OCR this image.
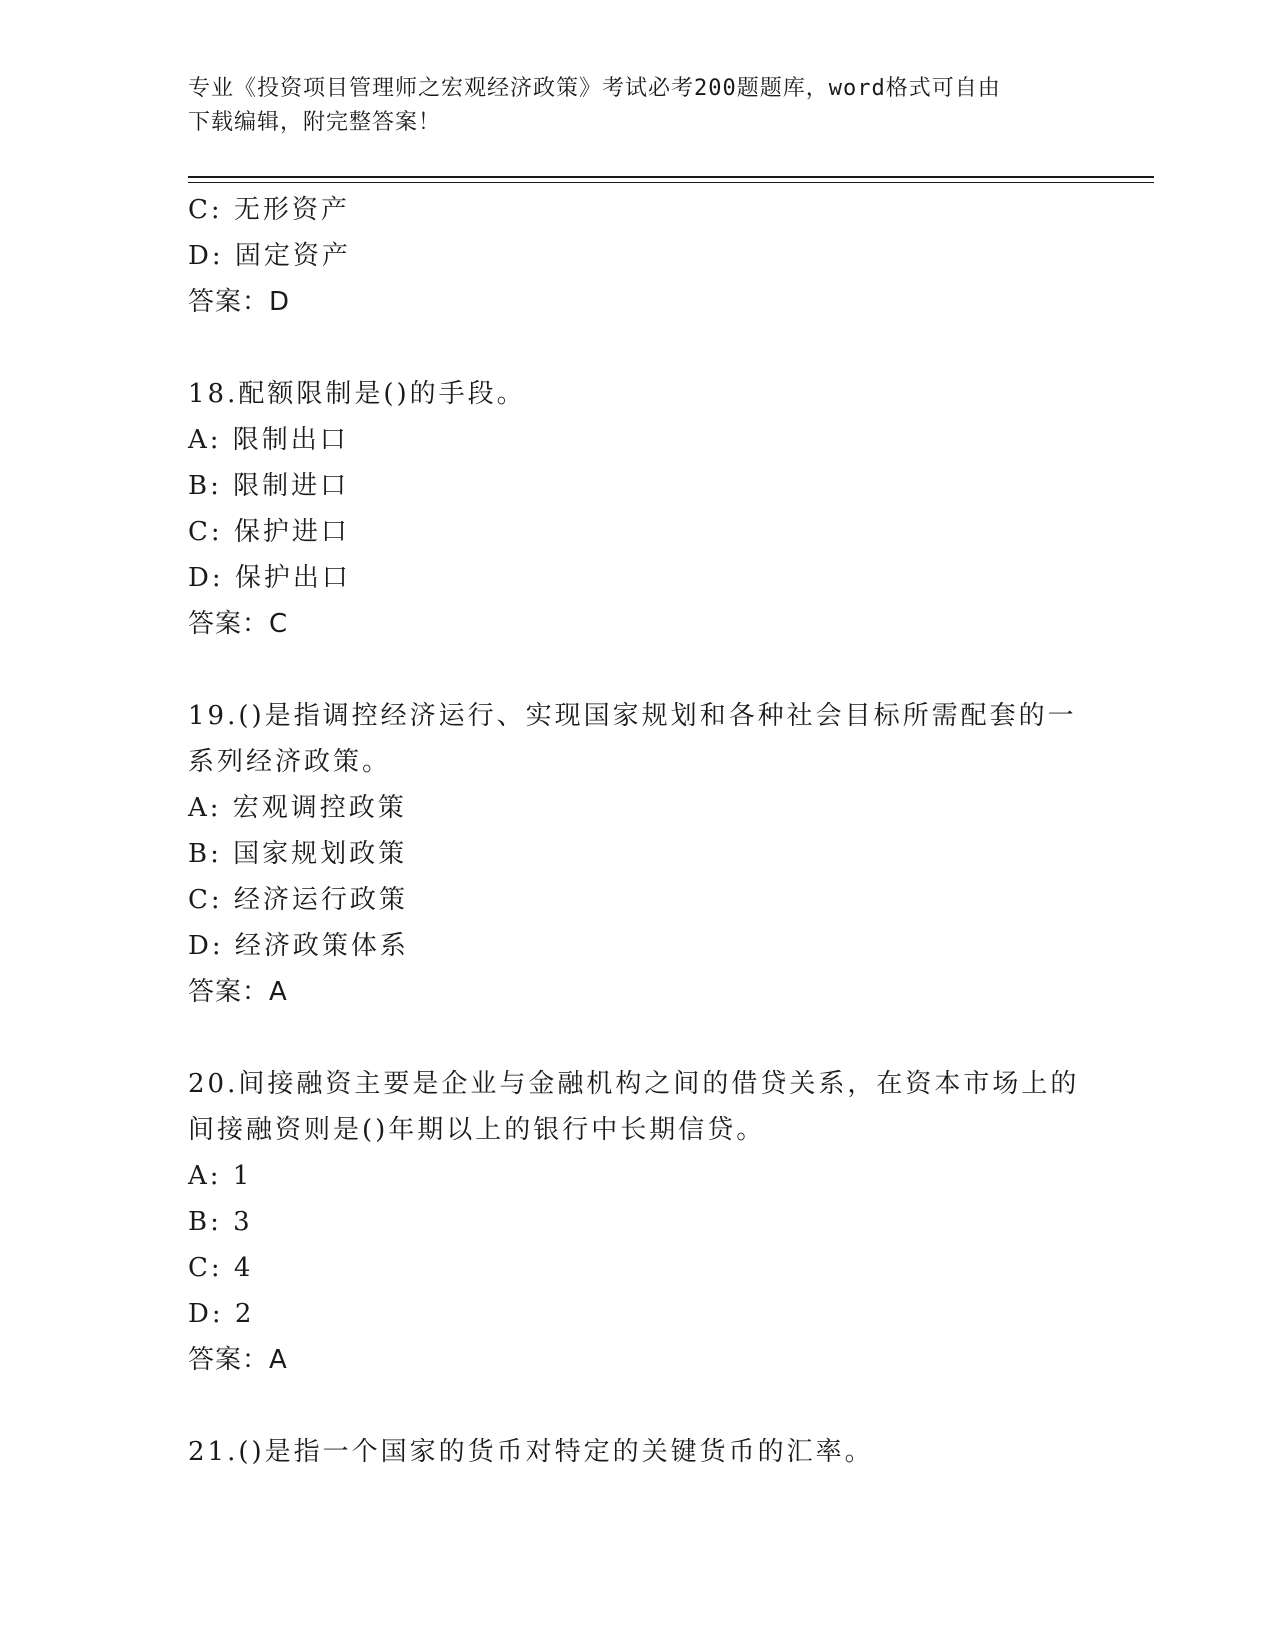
专业《投资项目管理师之宏观经济政策》考试必考200题题库，word格式可自由
下载编辑，附完整答案！
C: 无形资产
D: 固定资产
答案：D
18.配额限制是()的手段。
A: 限制出口
B: 限制进口
C: 保护进口
D: 保护出口
答案：C
19.()是指调控经济运行、实现国家规划和各种社会目标所需配套的一
系列经济政策。
A: 宏观调控政策
B: 国家规划政策
C: 经济运行政策
D: 经济政策体系
答案：A
20.间接融资主要是企业与金融机构之间的借贷关系，在资本市场上的
间接融资则是()年期以上的银行中长期信贷。
A: 1
B: 3
C: 4
D: 2
答案：A
21.()是指一个国家的货币对特定的关键货币的汇率。
